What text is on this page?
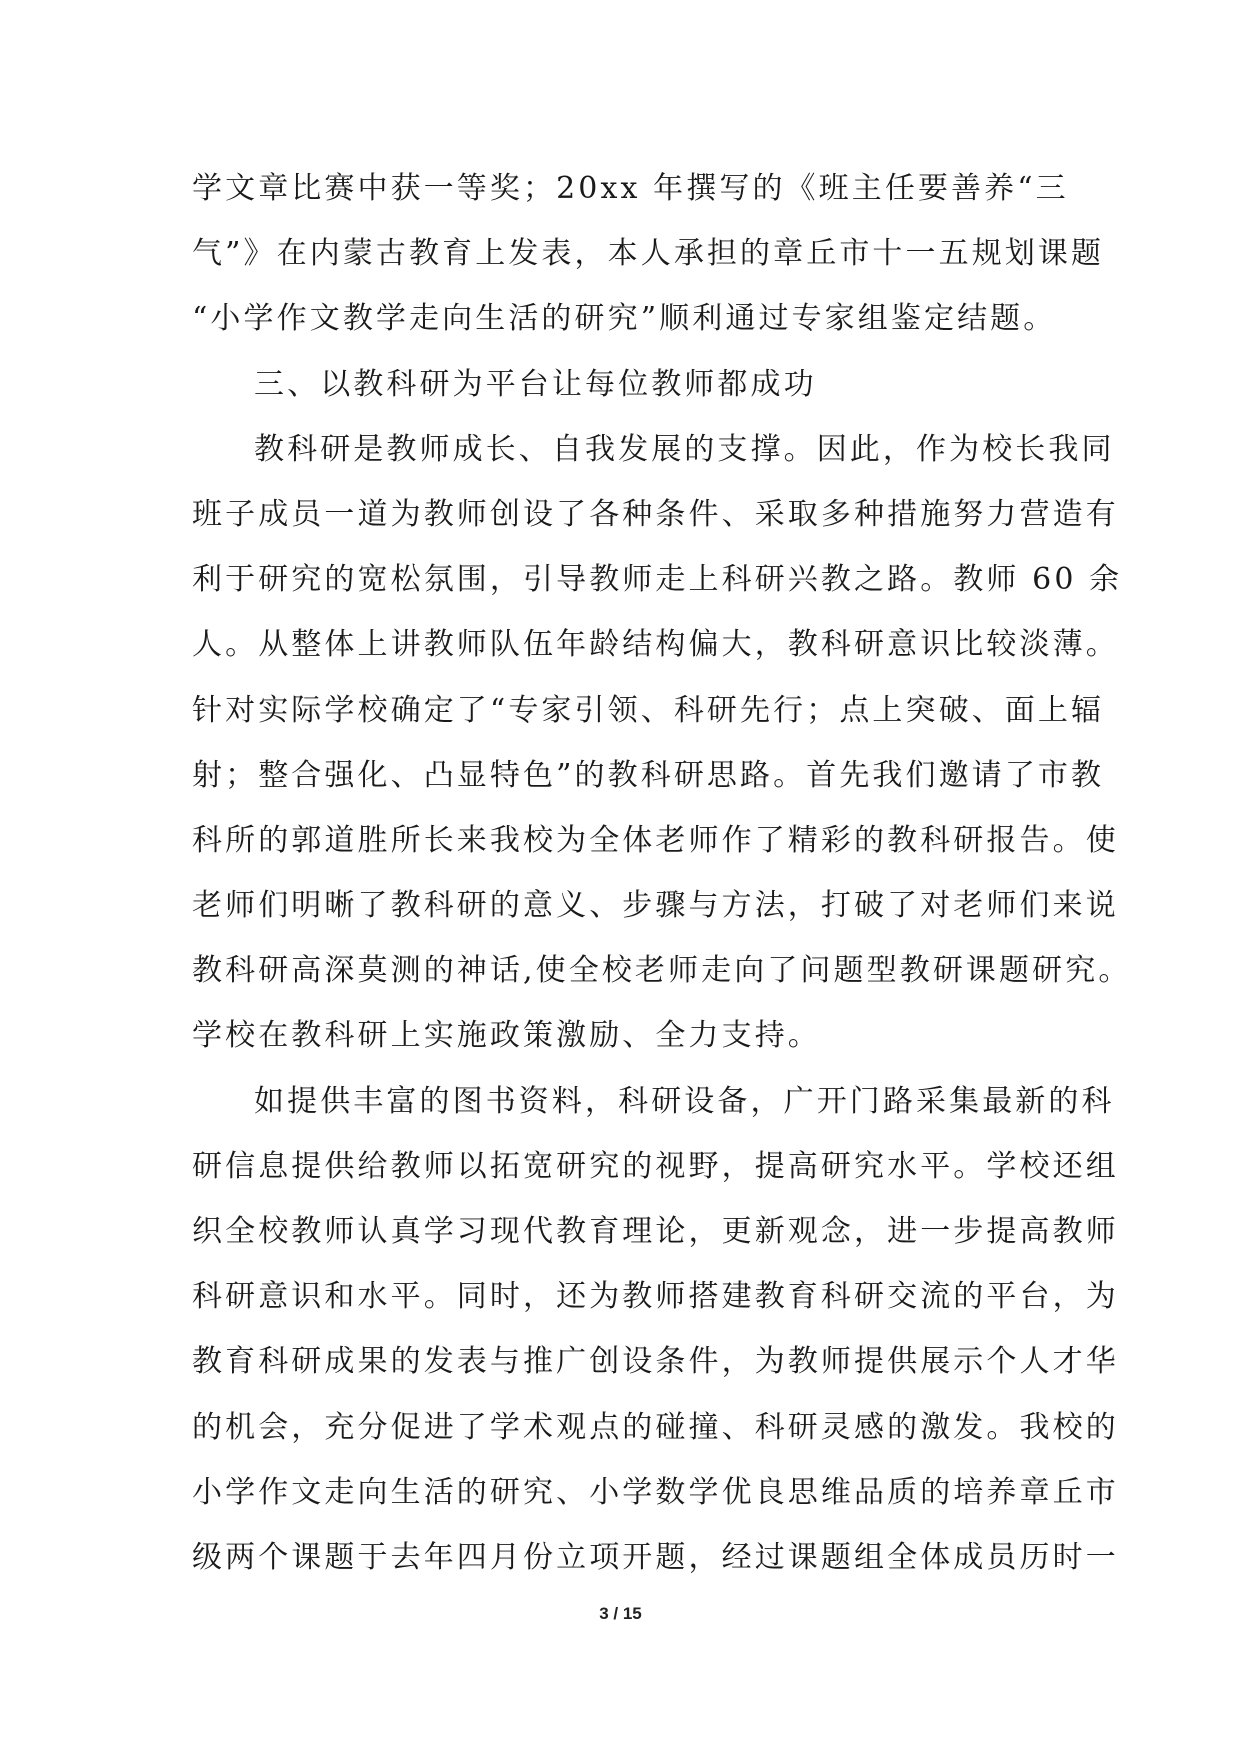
学文章比赛中获一等奖；20xx 年撰写的《班主任要善养“三
气”》在内蒙古教育上发表，本人承担的章丘市十一五规划课题
“小学作文教学走向生活的研究”顺利通过专家组鉴定结题。
三、以教科研为平台让每位教师都成功
教科研是教师成长、自我发展的支撑。因此，作为校长我同
班子成员一道为教师创设了各种条件、采取多种措施努力营造有
利于研究的宽松氛围，引导教师走上科研兴教之路。教师 60 余
人。从整体上讲教师队伍年龄结构偏大，教科研意识比较淡薄。
针对实际学校确定了“专家引领、科研先行；点上突破、面上辐
射；整合强化、凸显特色”的教科研思路。首先我们邀请了市教
科所的郭道胜所长来我校为全体老师作了精彩的教科研报告。使
老师们明晰了教科研的意义、步骤与方法，打破了对老师们来说
教科研高深莫测的神话,使全校老师走向了问题型教研课题研究。
学校在教科研上实施政策激励、全力支持。
如提供丰富的图书资料，科研设备，广开门路采集最新的科
研信息提供给教师以拓宽研究的视野，提高研究水平。学校还组
织全校教师认真学习现代教育理论，更新观念，进一步提高教师
科研意识和水平。同时，还为教师搭建教育科研交流的平台，为
教育科研成果的发表与推广创设条件，为教师提供展示个人才华
的机会，充分促进了学术观点的碰撞、科研灵感的激发。我校的
小学作文走向生活的研究、小学数学优良思维品质的培养章丘市
级两个课题于去年四月份立项开题，经过课题组全体成员历时一
3 / 15
